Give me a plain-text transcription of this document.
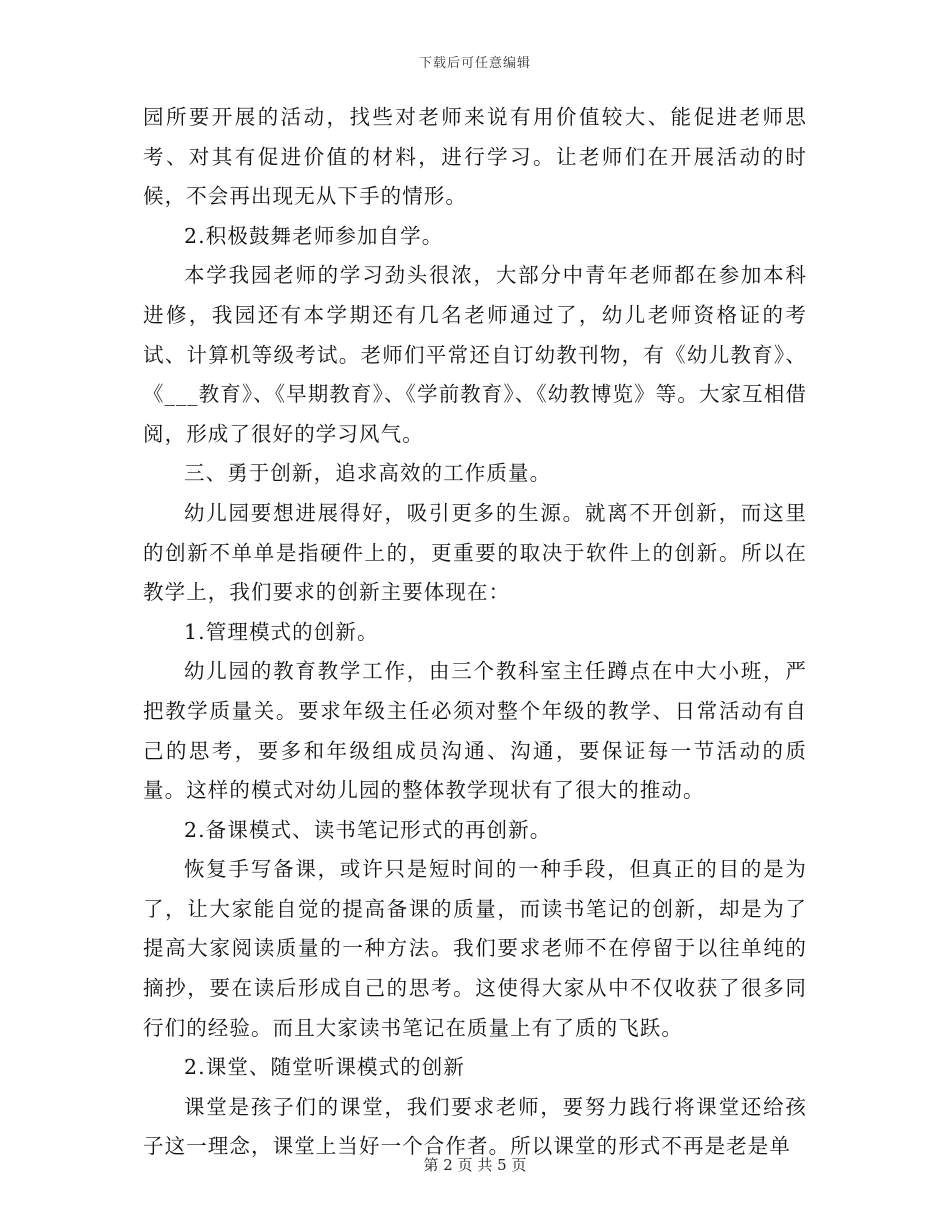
下载后可任意编辑

园所要开展的活动，找些对老师来说有用价值较大、能促进老师思考、对其有促进价值的材料，进行学习。让老师们在开展活动的时候，不会再出现无从下手的情形。

2.积极鼓舞老师参加自学。

本学我园老师的学习劲头很浓，大部分中青年老师都在参加本科进修，我园还有本学期还有几名老师通过了，幼儿老师资格证的考试、计算机等级考试。老师们平常还自订幼教刊物，有《幼儿教育》、《___教育》、《早期教育》、《学前教育》、《幼教博览》等。大家互相借阅，形成了很好的学习风气。

三、勇于创新，追求高效的工作质量。

幼儿园要想进展得好，吸引更多的生源。就离不开创新，而这里的创新不单单是指硬件上的，更重要的取决于软件上的创新。所以在教学上，我们要求的创新主要体现在：

1.管理模式的创新。

幼儿园的教育教学工作，由三个教科室主任蹲点在中大小班，严把教学质量关。要求年级主任必须对整个年级的教学、日常活动有自己的思考，要多和年级组成员沟通、沟通，要保证每一节活动的质量。这样的模式对幼儿园的整体教学现状有了很大的推动。

2.备课模式、读书笔记形式的再创新。

恢复手写备课，或许只是短时间的一种手段，但真正的目的是为了，让大家能自觉的提高备课的质量，而读书笔记的创新，却是为了提高大家阅读质量的一种方法。我们要求老师不在停留于以往单纯的摘抄，要在读后形成自己的思考。这使得大家从中不仅收获了很多同行们的经验。而且大家读书笔记在质量上有了质的飞跃。

2.课堂、随堂听课模式的创新

课堂是孩子们的课堂，我们要求老师，要努力践行将课堂还给孩子这一理念，课堂上当好一个合作者。所以课堂的形式不再是老是单

第 2 页 共 5 页
